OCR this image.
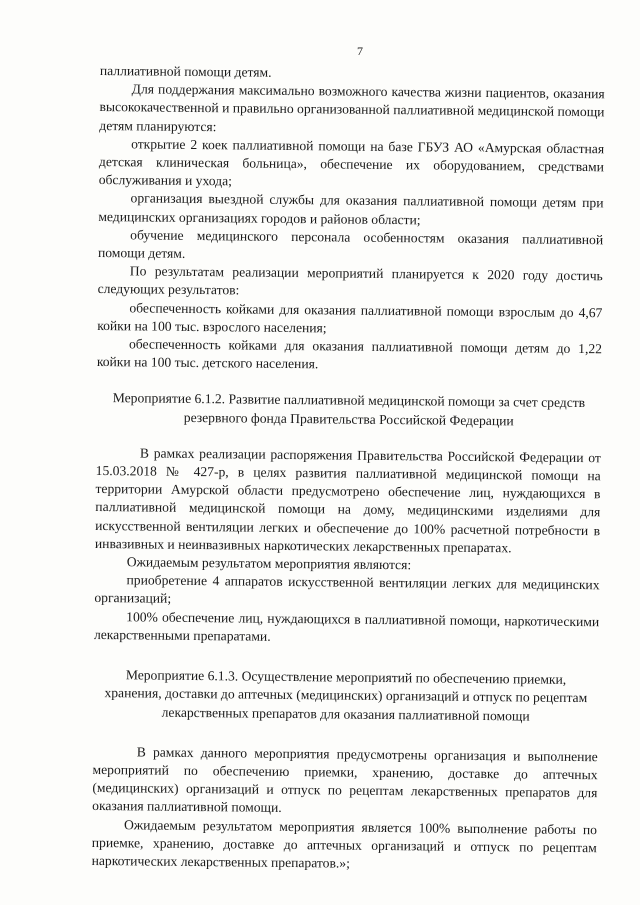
7

паллиативной помощи детям.

Для поддержания максимально возможного качества жизни пациентов, оказания высококачественной и правильно организованной паллиативной медицинской помощи детям планируются:

открытие 2 коек паллиативной помощи на базе ГБУЗ АО «Амурская областная детская клиническая больница», обеспечение их оборудованием, средствами обслуживания и ухода;

организация выездной службы для оказания паллиативной помощи детям при медицинских организациях городов и районов области;

обучение медицинского персонала особенностям оказания паллиативной помощи детям.

По результатам реализации мероприятий планируется к 2020 году достичь следующих результатов:

обеспеченность койками для оказания паллиативной помощи взрослым до 4,67 койки на 100 тыс. взрослого населения;

обеспеченность койками для оказания паллиативной помощи детям до 1,22 койки на 100 тыс. детского населения.

Мероприятие 6.1.2. Развитие паллиативной медицинской помощи за счет средств резервного фонда Правительства Российской Федерации

В рамках реализации распоряжения Правительства Российской Федерации от 15.03.2018 № 427-р, в целях развития паллиативной медицинской помощи на территории Амурской области предусмотрено обеспечение лиц, нуждающихся в паллиативной медицинской помощи на дому, медицинскими изделиями для искусственной вентиляции легких и обеспечение до 100% расчетной потребности в инвазивных и неинвазивных наркотических лекарственных препаратах.

Ожидаемым результатом мероприятия являются:

приобретение 4 аппаратов искусственной вентиляции легких для медицинских организаций;

100% обеспечение лиц, нуждающихся в паллиативной помощи, наркотическими лекарственными препаратами.

Мероприятие 6.1.3. Осуществление мероприятий по обеспечению приемки, хранения, доставки до аптечных (медицинских) организаций и отпуск по рецептам лекарственных препаратов для оказания паллиативной помощи

В рамках данного мероприятия предусмотрены организация и выполнение мероприятий по обеспечению приемки, хранению, доставке до аптечных (медицинских) организаций и отпуск по рецептам лекарственных препаратов для оказания паллиативной помощи.

Ожидаемым результатом мероприятия является 100% выполнение работы по приемке, хранению, доставке до аптечных организаций и отпуск по рецептам наркотических лекарственных препаратов.»;
